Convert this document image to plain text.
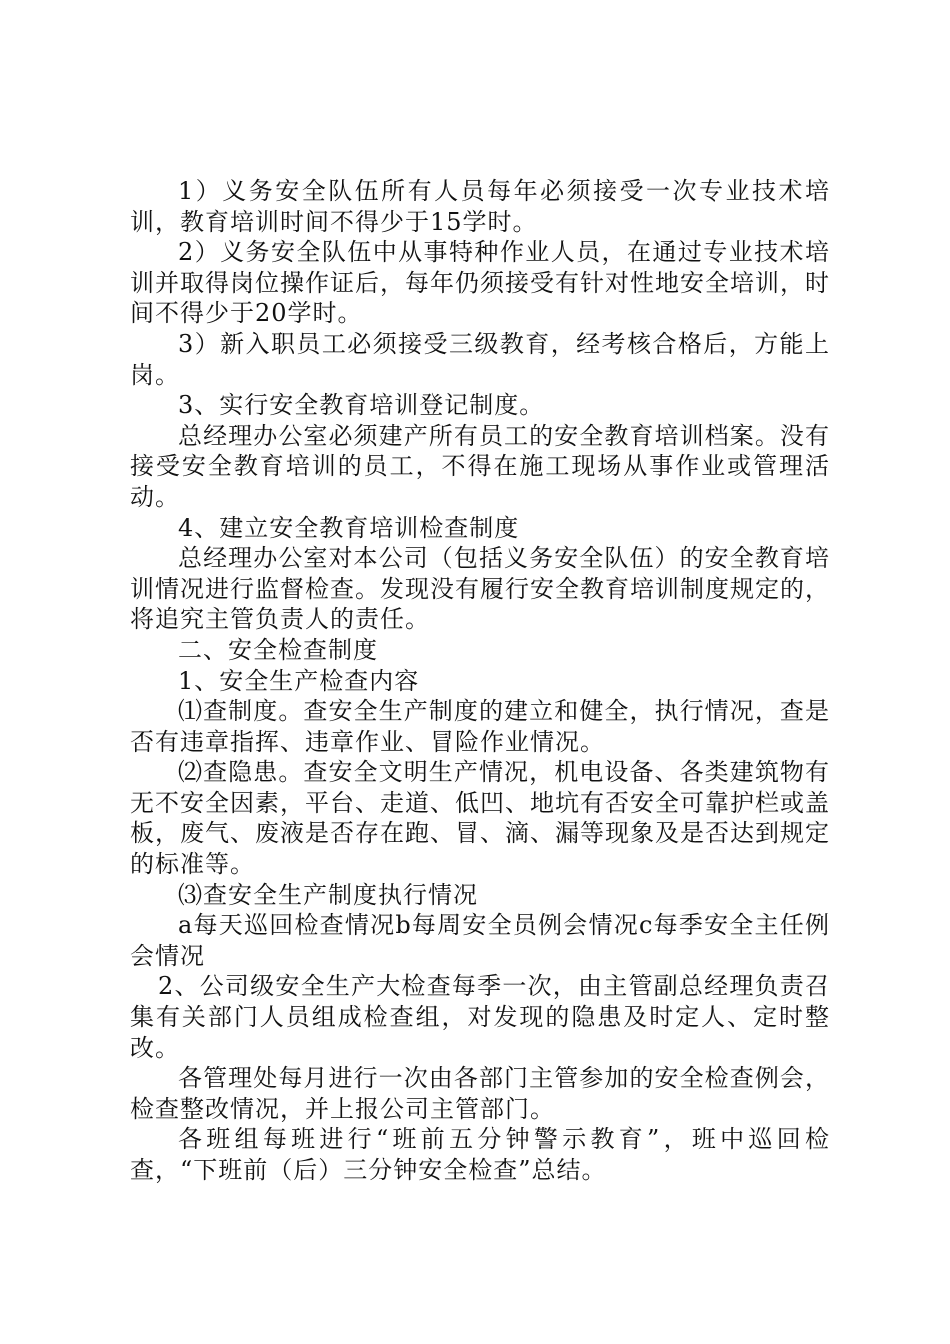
1）义务安全队伍所有人员每年必须接受一次专业技术培训，教育培训时间不得少于15学时。

2）义务安全队伍中从事特种作业人员，在通过专业技术培训并取得岗位操作证后，每年仍须接受有针对性地安全培训，时间不得少于20学时。

3）新入职员工必须接受三级教育，经考核合格后，方能上岗。

3、实行安全教育培训登记制度。

总经理办公室必须建产所有员工的安全教育培训档案。没有接受安全教育培训的员工，不得在施工现场从事作业或管理活动。

4、建立安全教育培训检查制度

总经理办公室对本公司（包括义务安全队伍）的安全教育培训情况进行监督检查。发现没有履行安全教育培训制度规定的，将追究主管负责人的责任。

二、安全检查制度

1、安全生产检查内容

⑴查制度。查安全生产制度的建立和健全，执行情况，查是否有违章指挥、违章作业、冒险作业情况。

⑵查隐患。查安全文明生产情况，机电设备、各类建筑物有无不安全因素，平台、走道、低凹、地坑有否安全可靠护栏或盖板，废气、废液是否存在跑、冒、滴、漏等现象及是否达到规定的标准等。

⑶查安全生产制度执行情况

a每天巡回检查情况b每周安全员例会情况c每季安全主任例会情况

2、公司级安全生产大检查每季一次，由主管副总经理负责召集有关部门人员组成检查组，对发现的隐患及时定人、定时整改。

各管理处每月进行一次由各部门主管参加的安全检查例会，检查整改情况，并上报公司主管部门。

各班组每班进行“班前五分钟警示教育”，班中巡回检查，“下班前（后）三分钟安全检查”总结。
